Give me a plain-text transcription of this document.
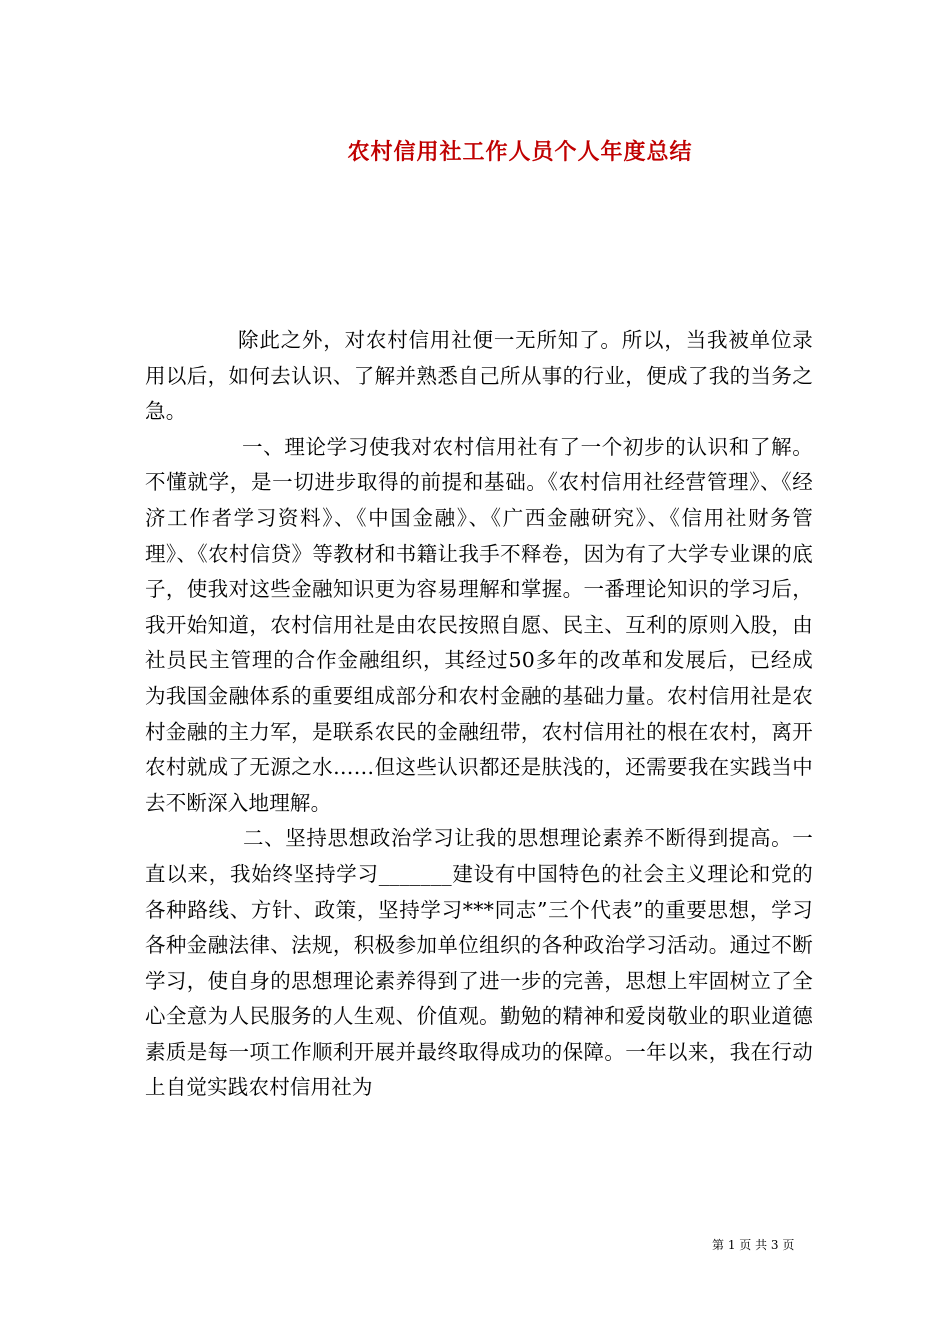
农村信用社工作人员个人年度总结

除此之外，对农村信用社便一无所知了。所以，当我被单位录用以后，如何去认识、了解并熟悉自己所从事的行业，便成了我的当务之急。

一、理论学习使我对农村信用社有了一个初步的认识和了解。不懂就学，是一切进步取得的前提和基础。《农村信用社经营管理》、《经济工作者学习资料》、《中国金融》、《广西金融研究》、《信用社财务管理》、《农村信贷》等教材和书籍让我手不释卷，因为有了大学专业课的底子，使我对这些金融知识更为容易理解和掌握。一番理论知识的学习后，我开始知道，农村信用社是由农民按照自愿、民主、互利的原则入股，由社员民主管理的合作金融组织，其经过50多年的改革和发展后，已经成为我国金融体系的重要组成部分和农村金融的基础力量。农村信用社是农村金融的主力军，是联系农民的金融纽带，农村信用社的根在农村，离开农村就成了无源之水……但这些认识都还是肤浅的，还需要我在实践当中去不断深入地理解。

二、坚持思想政治学习让我的思想理论素养不断得到提高。一直以来，我始终坚持学习_______建设有中国特色的社会主义理论和党的各种路线、方针、政策，坚持学习***同志”三个代表”的重要思想，学习各种金融法律、法规，积极参加单位组织的各种政治学习活动。通过不断学习，使自身的思想理论素养得到了进一步的完善，思想上牢固树立了全心全意为人民服务的人生观、价值观。勤勉的精神和爱岗敬业的职业道德素质是每一项工作顺利开展并最终取得成功的保障。一年以来，我在行动上自觉实践农村信用社为

第 1 页 共 3 页
